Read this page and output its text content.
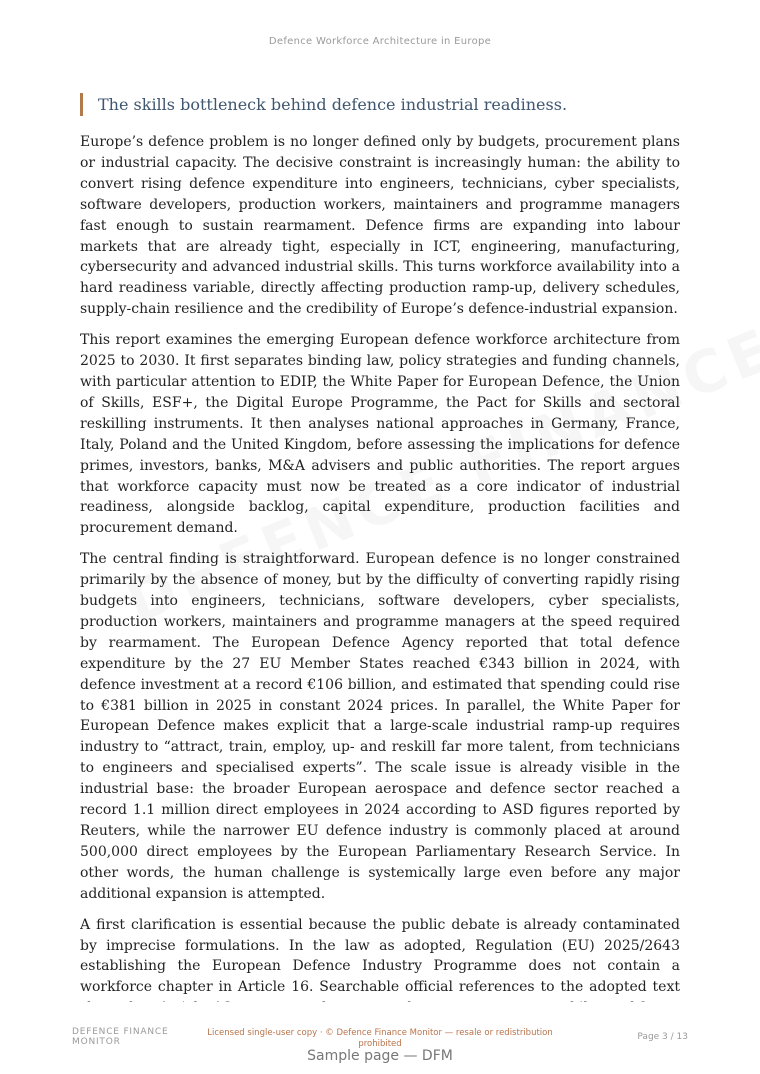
Defence Workforce Architecture in Europe
The skills bottleneck behind defence industrial readiness.

Europe’s defence problem is no longer defined only by budgets, procurement plans or industrial capacity. The decisive constraint is increasingly human: the ability to convert rising defence expenditure into engineers, technicians, cyber specialists, software developers, production workers, maintainers and programme managers fast enough to sustain rearmament. Defence firms are expanding into labour markets that are already tight, especially in ICT, engineering, manufacturing, cybersecurity and advanced industrial skills. This turns workforce availability into a hard readiness variable, directly affecting production ramp-up, delivery schedules, supply-chain resilience and the credibility of Europe’s defence-industrial expansion.

This report examines the emerging European defence workforce architecture from 2025 to 2030. It first separates binding law, policy strategies and funding channels, with particular attention to EDIP, the White Paper for European Defence, the Union of Skills, ESF+, the Digital Europe Programme, the Pact for Skills and sectoral reskilling instruments. It then analyses national approaches in Germany, France, Italy, Poland and the United Kingdom, before assessing the implications for defence primes, investors, banks, M&A advisers and public authorities. The report argues that workforce capacity must now be treated as a core indicator of industrial readiness, alongside backlog, capital expenditure, production facilities and procurement demand.

The central finding is straightforward. European defence is no longer constrained primarily by the absence of money, but by the difficulty of converting rapidly rising budgets into engineers, technicians, software developers, cyber specialists, production workers, maintainers and programme managers at the speed required by rearmament. The European Defence Agency reported that total defence expenditure by the 27 EU Member States reached €343 billion in 2024, with defence investment at a record €106 billion, and estimated that spending could rise to €381 billion in 2025 in constant 2024 prices. In parallel, the White Paper for European Defence makes explicit that a large-scale industrial ramp-up requires industry to “attract, train, employ, up- and reskill far more talent, from technicians to engineers and specialised experts”. The scale issue is already visible in the industrial base: the broader European aerospace and defence sector reached a record 1.1 million direct employees in 2024 according to ASD figures reported by Reuters, while the narrower EU defence industry is commonly placed at around 500,000 direct employees by the European Parliamentary Research Service. In other words, the human challenge is systemically large even before any major additional expansion is attempted.

A first clarification is essential because the public debate is already contaminated by imprecise formulations. In the law as adopted, Regulation (EU) 2025/2643 establishing the European Defence Industry Programme does not contain a workforce chapter in Article 16. Searchable official references to the adopted text

DEFENCE FINANCE
MONITOR
Licensed single-user copy · © Defence Finance Monitor — resale or redistribution
prohibited
Page 3 / 13
Sample page — DFM
